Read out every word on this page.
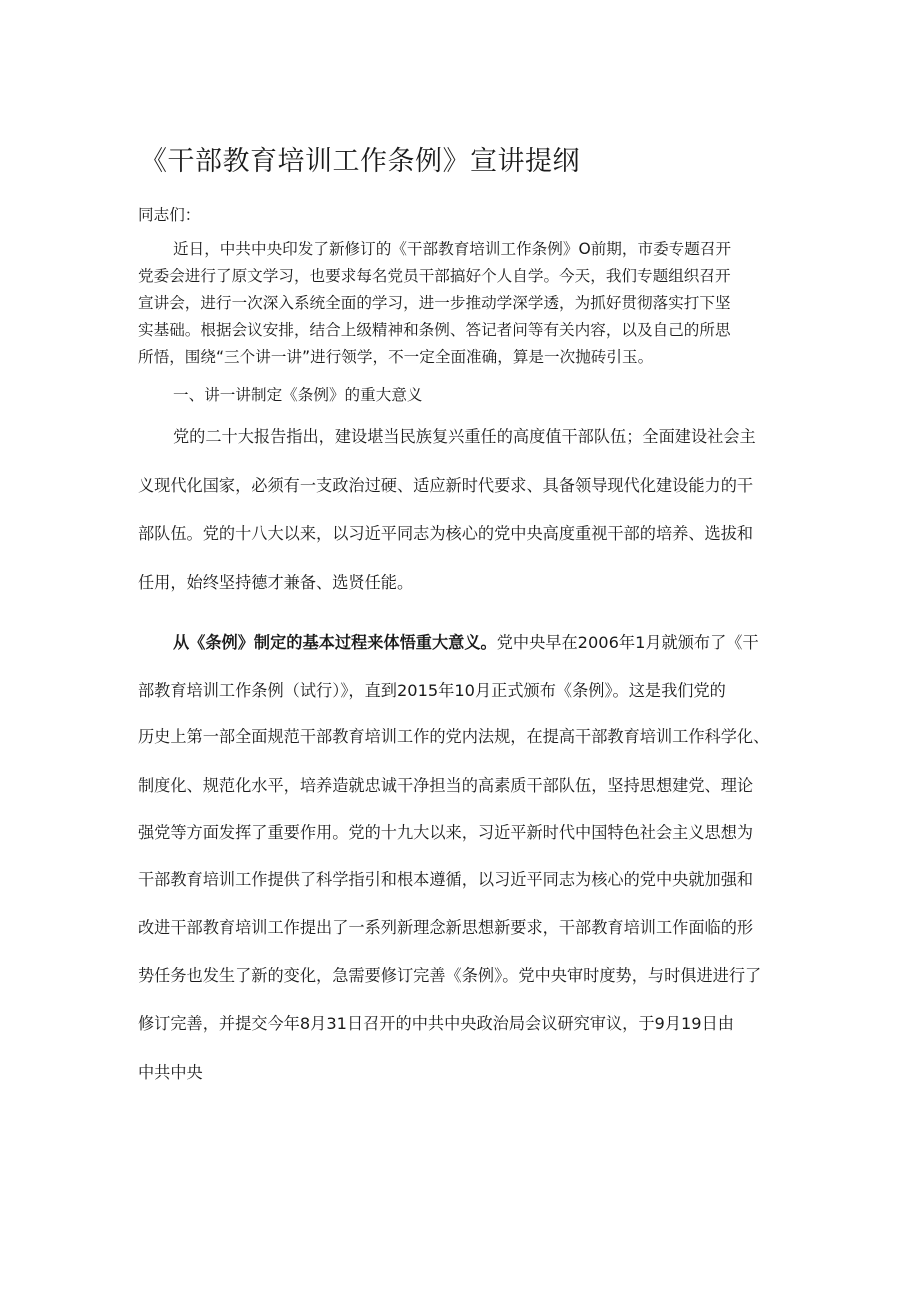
《干部教育培训工作条例》宣讲提纲
同志们：
近日，中共中央印发了新修订的《干部教育培训工作条例》O前期，市委专题召开
党委会进行了原文学习，也要求每名党员干部搞好个人自学。今天，我们专题组织召开
宣讲会，进行一次深入系统全面的学习，进一步推动学深学透，为抓好贯彻落实打下坚
实基础。根据会议安排，结合上级精神和条例、答记者问等有关内容，以及自己的所思
所悟，围绕“三个讲一讲”进行领学，不一定全面准确，算是一次抛砖引玉。
一、讲一讲制定《条例》的重大意义
党的二十大报告指出，建设堪当民族复兴重任的高度值干部队伍；全面建设社会主
义现代化国家，必须有一支政治过硬、适应新时代要求、具备领导现代化建设能力的干
部队伍。党的十八大以来，以习近平同志为核心的党中央高度重视干部的培养、选拔和
任用，始终坚持德才兼备、选贤任能。
从《条例》制定的基本过程来体悟重大意义。党中央早在2006年1月就颁布了《干
部教育培训工作条例（试行）》，直到2015年10月正式颁布《条例》。这是我们党的
历史上第一部全面规范干部教育培训工作的党内法规，在提高干部教育培训工作科学化、
制度化、规范化水平，培养造就忠诚干净担当的高素质干部队伍，坚持思想建党、理论
强党等方面发挥了重要作用。党的十九大以来，习近平新时代中国特色社会主义思想为
干部教育培训工作提供了科学指引和根本遵循，以习近平同志为核心的党中央就加强和
改进干部教育培训工作提出了一系列新理念新思想新要求，干部教育培训工作面临的形
势任务也发生了新的变化，急需要修订完善《条例》。党中央审时度势，与时俱进进行了
修订完善，并提交今年8月31日召开的中共中央政治局会议研究审议，于9月19日由
中共中央
